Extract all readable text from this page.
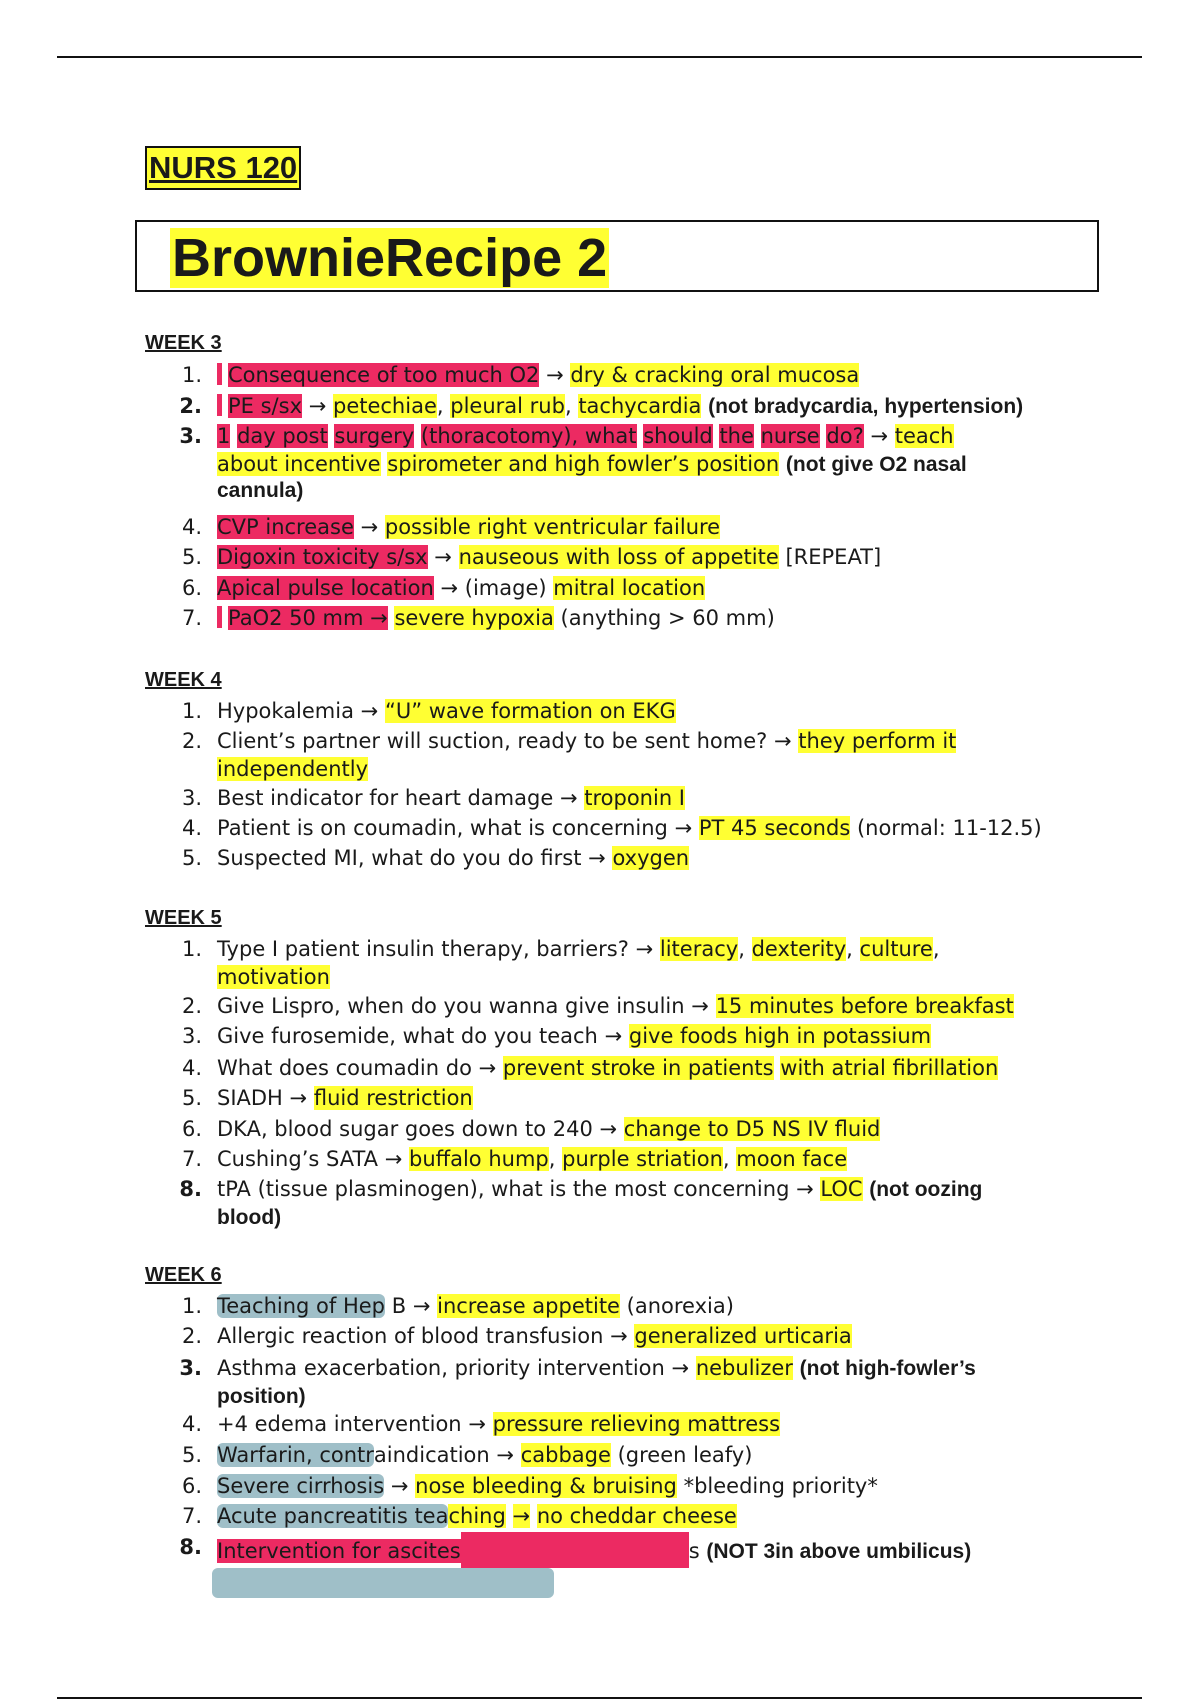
NURS 120
BrownieRecipe 2
WEEK 3
1.	Consequence of too much O2 → dry & cracking oral mucosa
2.	PE s/sx → petechiae, pleural rub, tachycardia (not bradycardia, hypertension)
3. 1 day post surgery (thoracotomy), what should the nurse do? → teach
about incentive spirometer and high fowler’s position (not give O2 nasal
cannula)
4. CVP increase → possible right ventricular failure
5. Digoxin toxicity s/sx → nauseous with loss of appetite [REPEAT]
6. Apical pulse location → (image) mitral location
7.	PaO2 50 mm → severe hypoxia (anything > 60 mm)
WEEK 4
1. Hypokalemia → “U” wave formation on EKG
2. Client’s partner will suction, ready to be sent home? → they perform it
independently
3. Best indicator for heart damage → troponin I
4. Patient is on coumadin, what is concerning → PT 45 seconds (normal: 11-12.5)
5. Suspected MI, what do you do first → oxygen
WEEK 5
1. Type I patient insulin therapy, barriers? → literacy, dexterity, culture,
motivation
2. Give Lispro, when do you wanna give insulin → 15 minutes before breakfast
3. Give furosemide, what do you teach → give foods high in potassium
4. What does coumadin do → prevent stroke in patients with atrial fibrillation
5. SIADH → fluid restriction
6. DKA, blood sugar goes down to 240 → change to D5 NS IV fluid
7. Cushing’s SATA → buffalo hump, purple striation, moon face
8. tPA (tissue plasminogen), what is the most concerning → LOC (not oozing
blood)
WEEK 6
1. Teaching of Hep B → increase appetite (anorexia)
2. Allergic reaction of blood transfusion → generalized urticaria
3. Asthma exacerbation, priority intervention → nebulizer (not high-fowler’s
position)
4. +4 edema intervention → pressure relieving mattress
5. Warfarin, contraindication → cabbage (green leafy)
6. Severe cirrhosis → nose bleeding & bruising *bleeding priority*
7. Acute pancreatitis teaching → no cheddar cheese
8. Intervention for ascites	s (NOT 3in above umbilicus)
